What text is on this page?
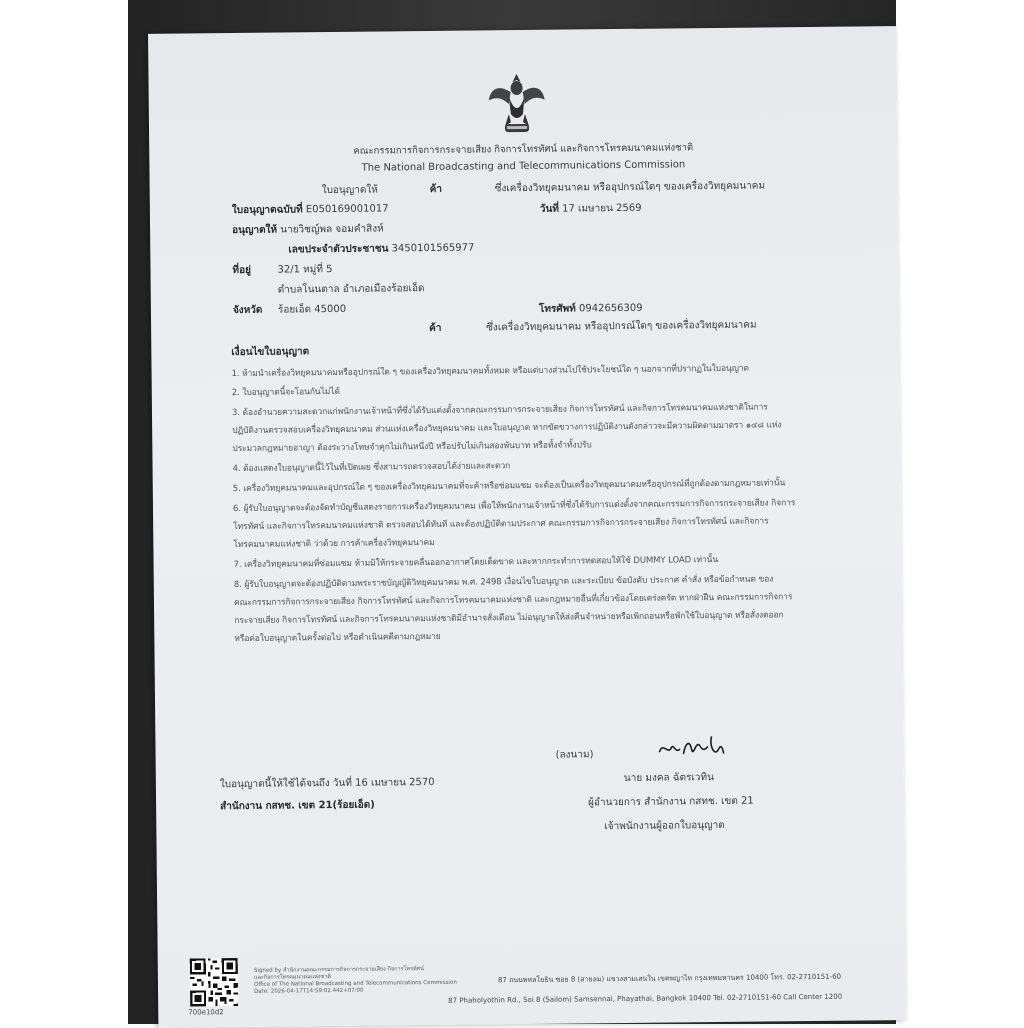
คณะกรรมการกิจการกระจายเสียง กิจการโทรทัศน์ และกิจการโทรคมนาคมแห่งชาติ
The National Broadcasting and Telecommunications Commission
ใบอนุญาตให้	ค้า	ซึ่งเครื่องวิทยุคมนาคม หรืออุปกรณ์ใดๆ ของเครื่องวิทยุคมนาคม
ใบอนุญาตฉบับที่ E050169001017	วันที่ 17 เมษายน 2569
อนุญาตให้ นายวิชญ์พล จอมคำสิงห์
เลขประจำตัวประชาชน 3450101565977
ที่อยู่	32/1 หมู่ที่ 5
ตำบลโนนตาล อำเภอเมืองร้อยเอ็ด
จังหวัด ร้อยเอ็ด 45000	โทรศัพท์ 0942656309
ค้า	ซึ่งเครื่องวิทยุคมนาคม หรืออุปกรณ์ใดๆ ของเครื่องวิทยุคมนาคม
เงื่อนไขใบอนุญาต
1. ห้ามนำเครื่องวิทยุคมนาคมหรืออุปกรณ์ใด ๆ ของเครื่องวิทยุคมนาคมทั้งหมด หรือแต่บางส่วนไปใช้ประโยชน์ใด ๆ นอกจากที่ปรากฏในใบอนุญาต
2. ใบอนุญาตนี้จะโอนกันไม่ได้
3. ต้องอำนวยความสะดวกแก่พนักงานเจ้าหน้าที่ซึ่งได้รับแต่งตั้งจากคณะกรรมการกระจายเสียง กิจการโทรทัศน์ และกิจการโทรคมนาคมแห่งชาติในการ
ปฏิบัติงานตรวจสอบเครื่องวิทยุคมนาคม ส่วนแห่งเครื่องวิทยุคมนาคม และใบอนุญาต หากขัดขวางการปฏิบัติงานดังกล่าวจะมีความผิดตามมาตรา ๑๔๘ แห่ง
ประมวลกฎหมายอาญา ต้องระวางโทษจำคุกไม่เกินหนึ่งปี หรือปรับไม่เกินสองพันบาท หรือทั้งจำทั้งปรับ
4. ต้องแสดงใบอนุญาตนี้ไว้ในที่เปิดเผย ซึ่งสามารถตรวจสอบได้ง่ายและสะดวก
5. เครื่องวิทยุคมนาคมและอุปกรณ์ใด ๆ ของเครื่องวิทยุคมนาคมที่จะค้าหรือซ่อมแซม จะต้องเป็นเครื่องวิทยุคมนาคมหรืออุปกรณ์ที่ถูกต้องตามกฎหมายเท่านั้น
6. ผู้รับใบอนุญาตจะต้องจัดทำบัญชีแสดงรายการเครื่องวิทยุคมนาคม เพื่อให้พนักงานเจ้าหน้าที่ซึ่งได้รับการแต่งตั้งจากคณะกรรมการกิจการกระจายเสียง กิจการ
โทรทัศน์ และกิจการโทรคมนาคมแห่งชาติ ตรวจสอบได้ทันที และต้องปฏิบัติตามประกาศ คณะกรรมการกิจการกระจายเสียง กิจการโทรทัศน์ และกิจการ
โทรคมนาคมแห่งชาติ ว่าด้วย การค้าเครื่องวิทยุคมนาคม
7. เครื่องวิทยุคมนาคมที่ซ่อมแซม ห้ามมิให้กระจายคลื่นออกอากาศโดยเด็ดขาด และหากกระทำการทดสอบให้ใช้ DUMMY LOAD เท่านั้น
8. ผู้รับใบอนุญาตจะต้องปฏิบัติตามพระราชบัญญัติวิทยุคมนาคม พ.ศ. 2498 เงื่อนไขใบอนุญาต และระเบียบ ข้อบังคับ ประกาศ คำสั่ง หรือข้อกำหนด ของ
คณะกรรมการกิจการกระจายเสียง กิจการโทรทัศน์ และกิจการโทรคมนาคมแห่งชาติ และกฎหมายอื่นที่เกี่ยวข้องโดยเคร่งครัด หากฝ่าฝืน คณะกรรมการกิจการ
กระจายเสียง กิจการโทรทัศน์ และกิจการโทรคมนาคมแห่งชาติมีอำนาจสั่งเตือน ไม่อนุญาตให้ส่งคืนจำหน่ายหรือเพิกถอนหรือพักใช้ใบอนุญาต หรือสั่งงดออก
หรือต่อใบอนุญาตในครั้งต่อไป หรือดำเนินคดีตามกฎหมาย
(ลงนาม)
นาย มงคล ฉัตรเวทิน
ผู้อำนวยการ สำนักงาน กสทช. เขต 21
เจ้าพนักงานผู้ออกใบอนุญาต
ใบอนุญาตนี้ให้ใช้ได้จนถึง วันที่ 16 เมษายน 2570
สำนักงาน กสทช. เขต 21(ร้อยเอ็ด)
700e10d2
Signed by สำนักงานคณะกรรมการกิจการกระจายเสียง กิจการโทรทัศน์
และกิจการโทรคมนาคมแห่งชาติ
Office of The National Broadcasting and Telecommunications Commission
Date: 2026-04-17T14:59:02.442+07:00
87 ถนนพหลโยธิน ซอย 8 (สายลม) แขวงสามเสนใน เขตพญาไท กรุงเทพมหานคร 10400 โทร. 02-2710151-60
87 Phaholyothin Rd., Soi 8 (Sailom) Samsennai, Phayathai, Bangkok 10400 Tel. 02-2710151-60 Call Center 1200
